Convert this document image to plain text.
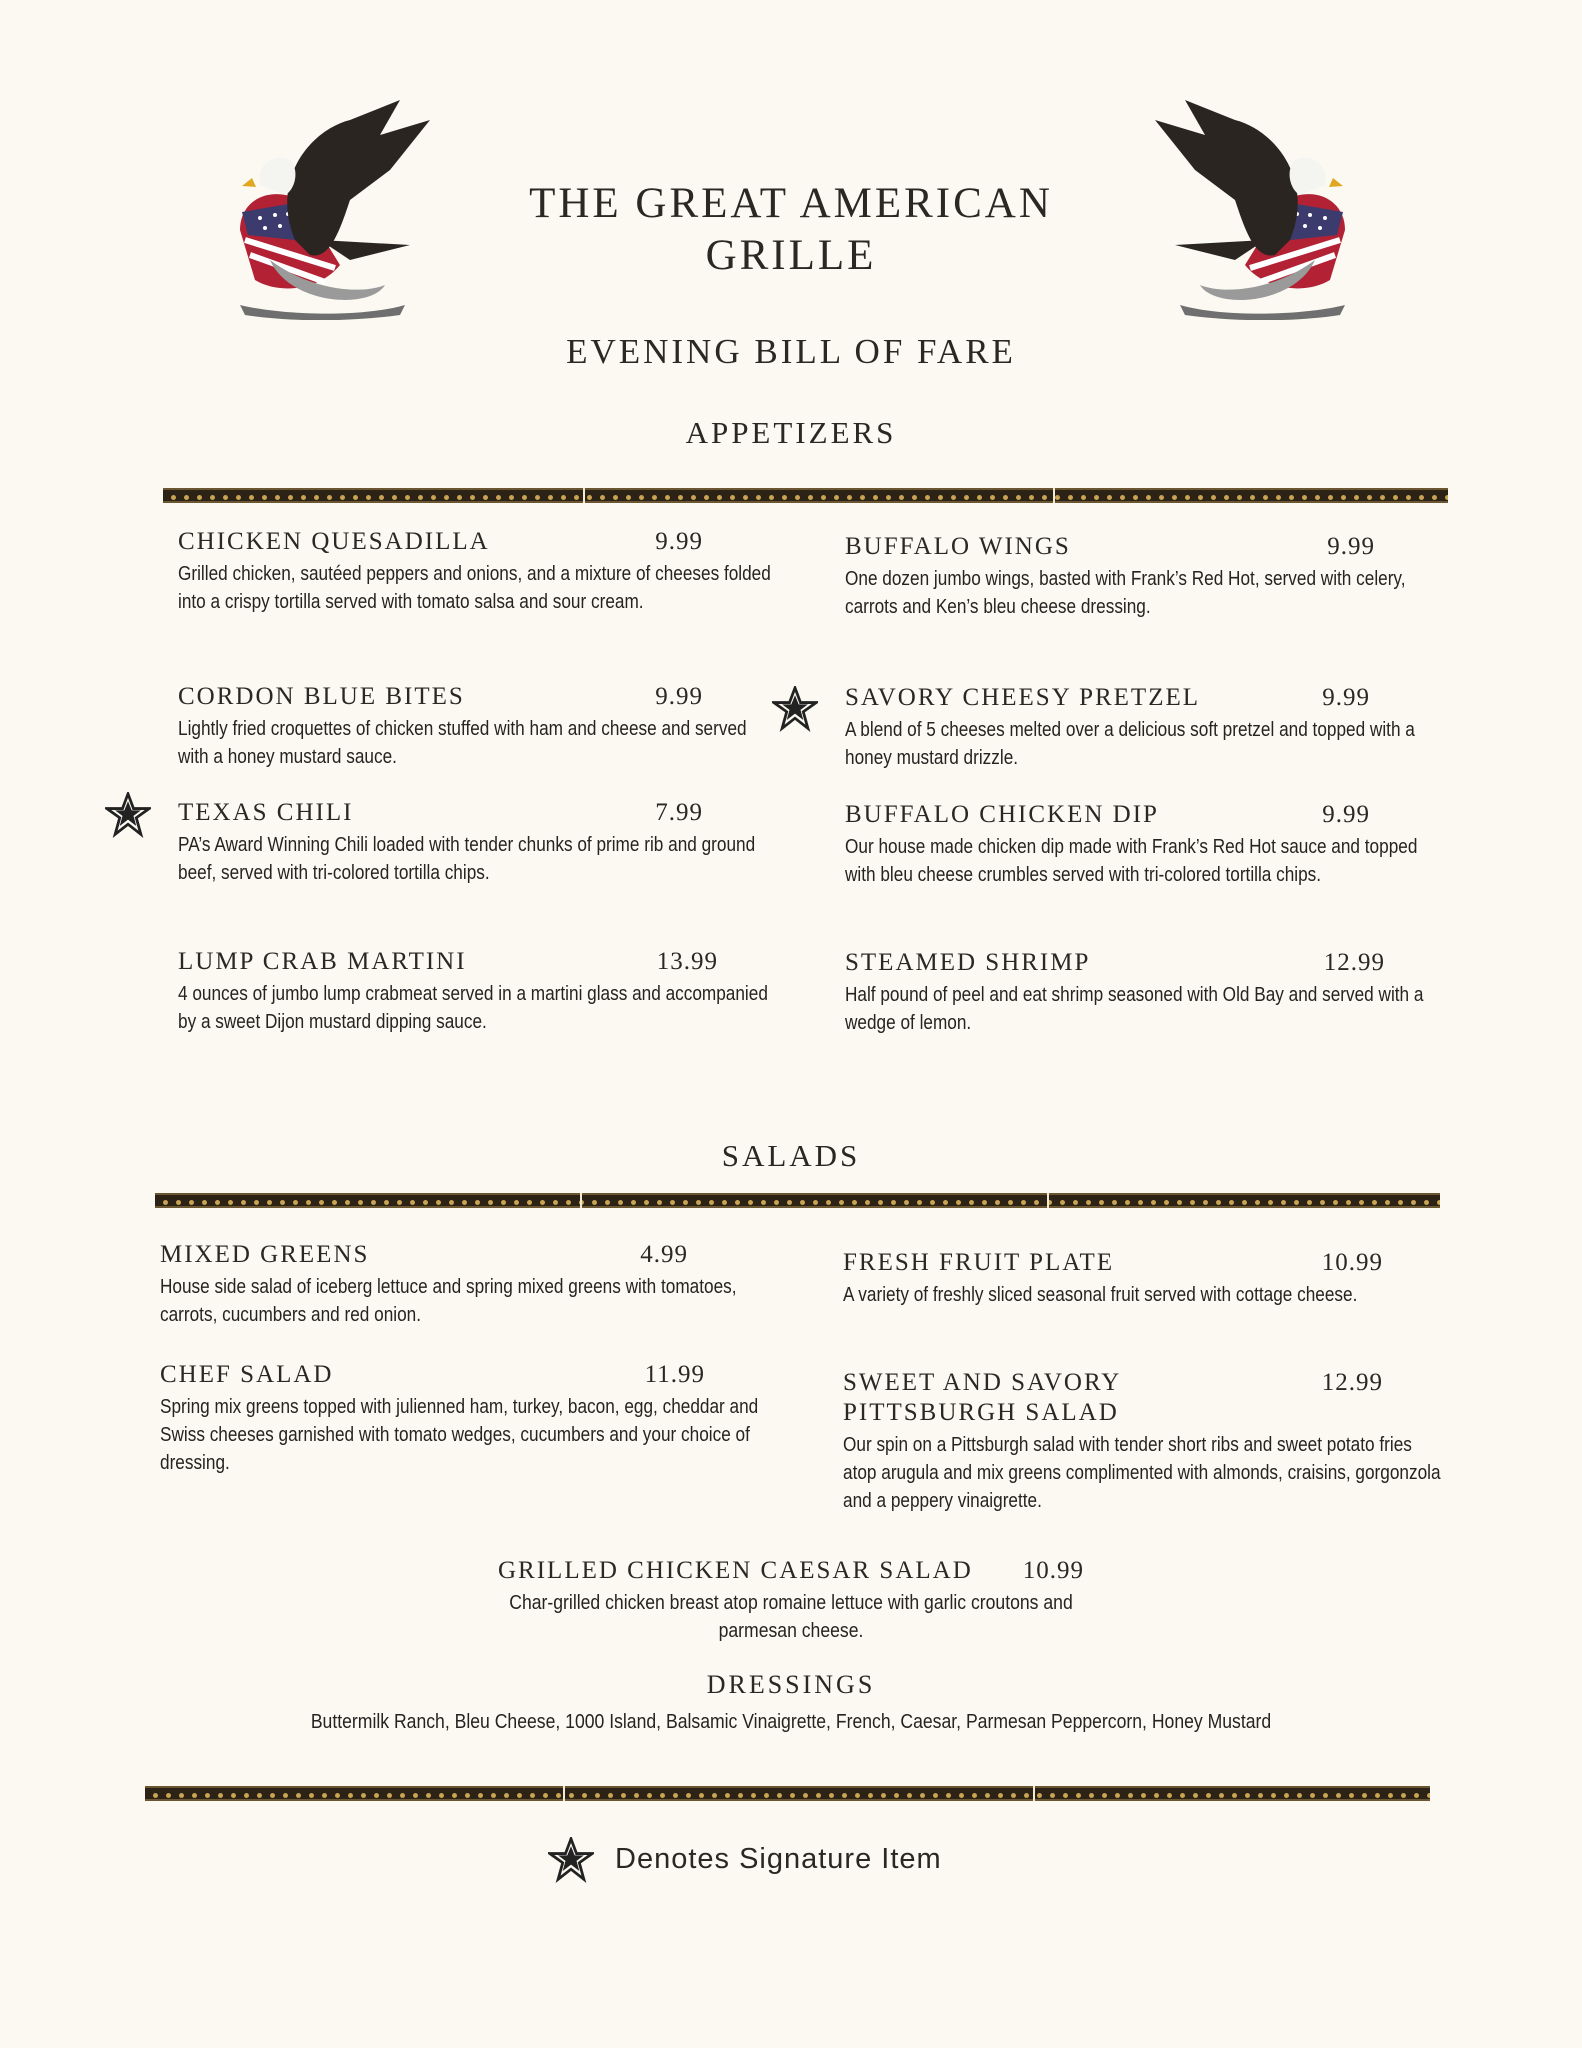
THE GREAT AMERICAN
GRILLE
EVENING BILL OF FARE
APPETIZERS
CHICKEN QUESADILLA	9.99
Grilled chicken, sautéed peppers and onions, and a mixture of cheeses folded into a crispy tortilla served with tomato salsa and sour cream.
CORDON BLUE BITES	9.99
Lightly fried croquettes of chicken stuffed with ham and cheese and served with a honey mustard sauce.
TEXAS CHILI	7.99
PA’s Award Winning Chili loaded with tender chunks of prime rib and ground beef, served with tri-colored tortilla chips.
LUMP CRAB MARTINI	13.99
4 ounces of jumbo lump crabmeat served in a martini glass and accompanied by a sweet Dijon mustard dipping sauce.
BUFFALO WINGS	9.99
One dozen jumbo wings, basted with Frank’s Red Hot, served with celery, carrots and Ken’s bleu cheese dressing.
SAVORY CHEESY PRETZEL	9.99
A blend of 5 cheeses melted over a delicious soft pretzel and topped with a honey mustard drizzle.
BUFFALO CHICKEN DIP	9.99
Our house made chicken dip made with Frank’s Red Hot sauce and topped with bleu cheese crumbles served with tri-colored tortilla chips.
STEAMED SHRIMP	12.99
Half pound of peel and eat shrimp seasoned with Old Bay and served with a wedge of lemon.
SALADS
MIXED GREENS	4.99
House side salad of iceberg lettuce and spring mixed greens with tomatoes, carrots, cucumbers and red onion.
CHEF SALAD	11.99
Spring mix greens topped with julienned ham, turkey, bacon, egg, cheddar and Swiss cheeses garnished with tomato wedges, cucumbers and your choice of dressing.
FRESH FRUIT PLATE	10.99
A variety of freshly sliced seasonal fruit served with cottage cheese.
SWEET AND SAVORY	12.99
PITTSBURGH SALAD
Our spin on a Pittsburgh salad with tender short ribs and sweet potato fries atop arugula and mix greens complimented with almonds, craisins, gorgonzola and a peppery vinaigrette.
GRILLED CHICKEN CAESAR SALAD 10.99
Char-grilled chicken breast atop romaine lettuce with garlic croutons and
parmesan cheese.
DRESSINGS
Buttermilk Ranch, Bleu Cheese, 1000 Island, Balsamic Vinaigrette, French, Caesar, Parmesan Peppercorn, Honey Mustard
Denotes Signature Item
